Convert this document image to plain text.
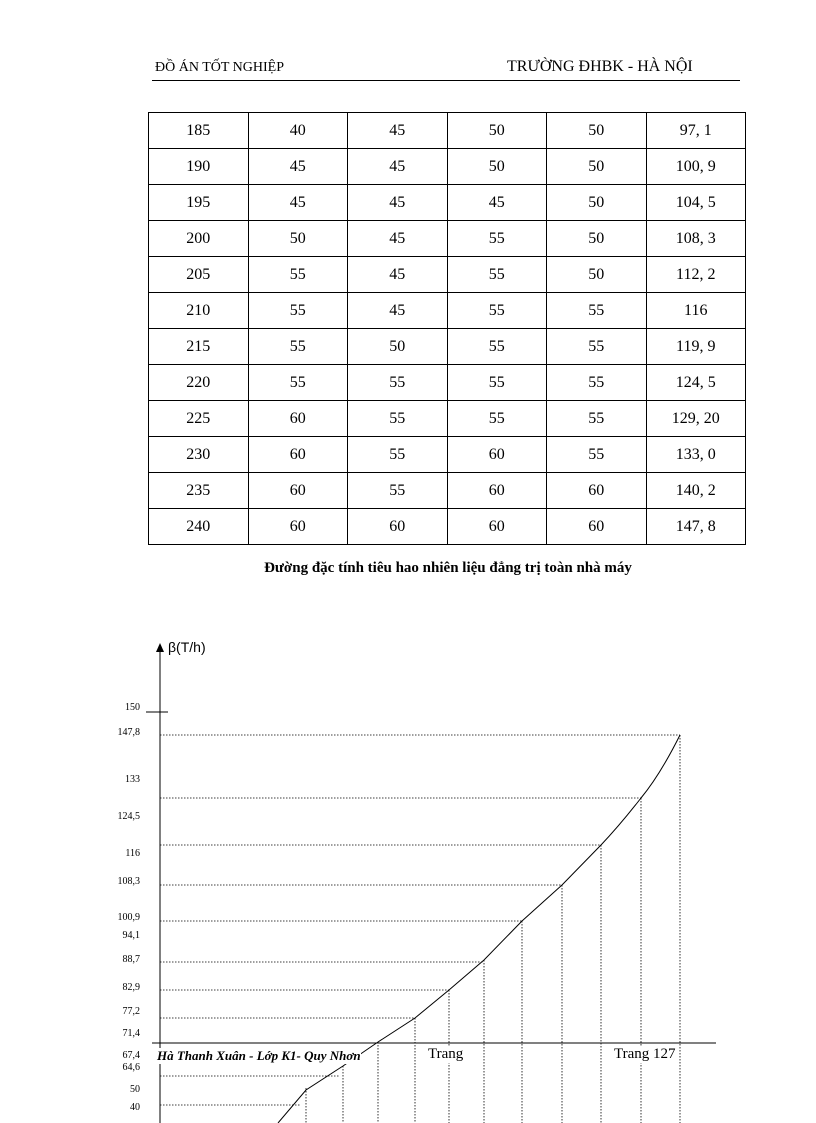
ĐỒ ÁN TỐT NGHIỆP	TRƯỜNG ĐHBK - HÀ NỘI
185	40	45	50	50	97, 1
190	45	45	50	50	100, 9
195	45	45	45	50	104, 5
200	50	45	55	50	108, 3
205	55	45	55	50	112, 2
210	55	45	55	55	116
215	55	50	55	55	119, 9
220	55	55	55	55	124, 5
225	60	55	55	55	129, 20
230	60	55	60	55	133, 0
235	60	55	60	60	140, 2
240	60	60	60	60	147, 8
Đường đặc tính tiêu hao nhiên liệu đẳng trị toàn nhà máy
β(T/h)
150
147,8
133
124,5
116
108,3
100,9
94,1
88,7
82,9
77,2
71,4
67,4
64,6
50
40
Hà Thanh Xuân - Lớp K1- Quy Nhơn	Trang	Trang 127
